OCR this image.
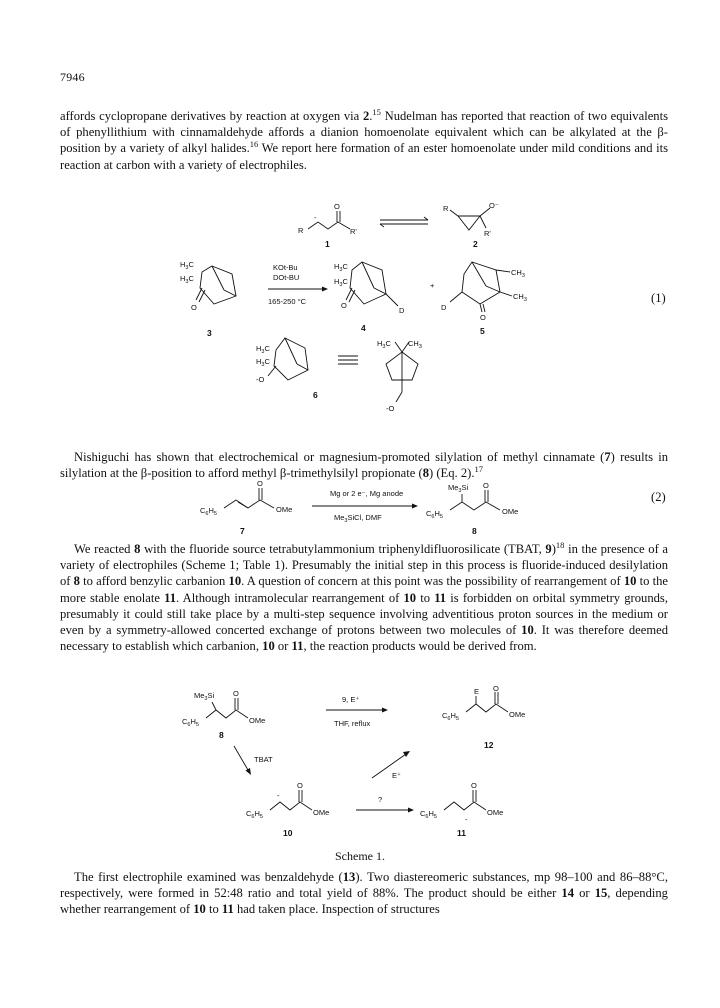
7946

affords cyclopropane derivatives by reaction at oxygen via 2.15 Nudelman has reported that reaction of two equivalents of phenyllithium with cinnamaldehyde affords a dianion homoenolate equivalent which can be alkylated at the β-position by a variety of alkyl halides.$^{16}$ We report here formation of an ester homoenolate under mild conditions and its reaction at carbon with a variety of electrophiles.

O
R	R'
-
1
R	O⁻
R'
2
O
$H_3C$
$H_3C$
3
KOt-Bu
DOt-BU
165-250 °C	O
D
$H_3C$
$H_3C$
4
+
D
O
$CH_3$
$CH_3$
5
-O
$H_3C$
$H_3C$
$H_3C$ $CH_3$
-O
6
(1)

Nishiguchi has shown that electrochemical or magnesium-promoted silylation of methyl cinnamate (7) results in silylation at the β-position to afford methyl β-trimethylsilyl propionate (8) (Eq. 2).$^{17}$

$C_6H_5$
O
OMe
7
Mg or 2 e⁻, Mg anode
$Me_3SiCl$, DMF	$C_6H_5$
$Me_3Si$ O
OMe
8
(2)

We reacted 8 with the fluoride source tetrabutylammonium triphenyldifluorosilicate (TBAT, 9)$^{18}$ in the presence of a variety of electrophiles (Scheme 1; Table 1). Presumably the initial step in this process is fluoride-induced desilylation of 8 to afford benzylic carbanion 10. A question of concern at this point was the possibility of rearrangement of 10 to the more stable enolate 11. Although intramolecular rearrangement of 10 to 11 is forbidden on orbital symmetry grounds, presumably it could still take place by a multi-step sequence involving adventitious proton sources in the medium or even by a symmetry-allowed concerted exchange of protons between two molecules of 10. It was therefore deemed necessary to establish which carbanion, 10 or 11, the reaction products would be derived from.

$Me_3Si$
$C_6H_5$
O
OMe
8
9, E⁺
THF, reflux
E
$C_6H_5$
O
OMe
12
TBAT
E⁺
$C_6H_5$
-
O
OMe
10
?
$C_6H_5$	-
O
OMe
11
Scheme 1.

The first electrophile examined was benzaldehyde (13). Two diastereomeric substances, mp 98–100 and 86–88°C, respectively, were formed in 52:48 ratio and total yield of 88%. The product should be either 14 or 15, depending whether rearrangement of 10 to 11 had taken place. Inspection of structures
